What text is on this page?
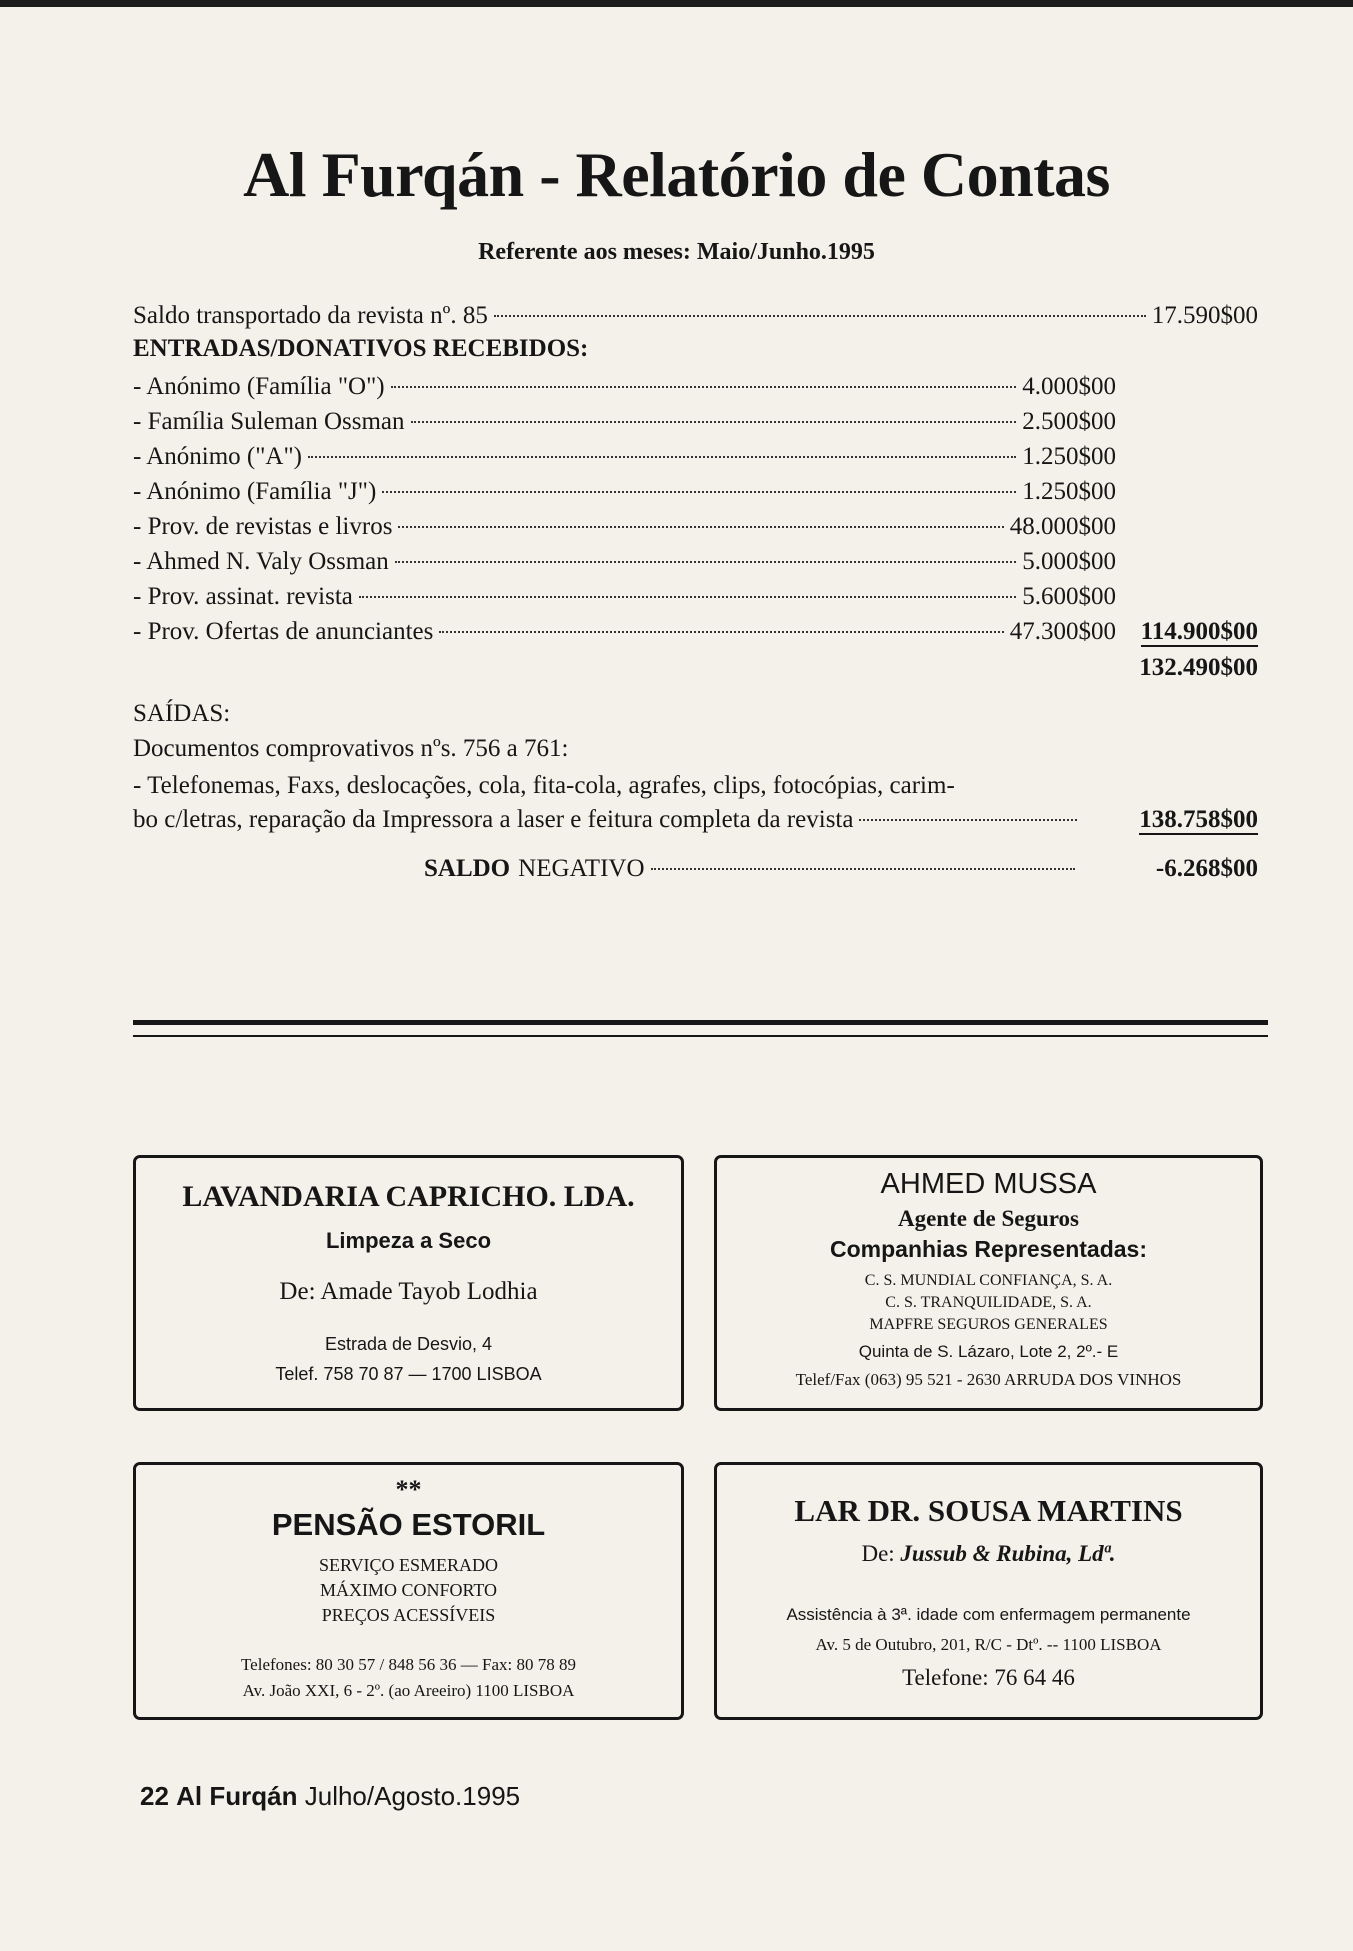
Al Furqán - Relatório de Contas
Referente aos meses: Maio/Junho.1995
Saldo transportado da revista nº. 85	17.590$00
ENTRADAS/DONATIVOS RECEBIDOS:
- Anónimo (Família "O")	4.000$00
- Família Suleman Ossman	2.500$00
- Anónimo ("A")	1.250$00
- Anónimo (Família "J")	1.250$00
- Prov. de revistas e livros	48.000$00
- Ahmed N. Valy Ossman	5.000$00
- Prov. assinat. revista	5.600$00
- Prov. Ofertas de anunciantes	47.300$00 114.900$00
132.490$00
SAÍDAS:
Documentos comprovativos nºs. 756 a 761:
- Telefonemas, Faxs, deslocações, cola, fita-cola, agrafes, clips, fotocópias, carim-
bo c/letras, reparação da Impressora a laser e feitura completa da revista	138.758$00
SALDO NEGATIVO	-6.268$00
LAVANDARIA CAPRICHO. LDA.
Limpeza a Seco
De: Amade Tayob Lodhia
Estrada de Desvio, 4
Telef. 758 70 87 — 1700 LISBOA
AHMED MUSSA
Agente de Seguros
Companhias Representadas:
C. S. MUNDIAL CONFIANÇA, S. A.
C. S. TRANQUILIDADE, S. A.
MAPFRE SEGUROS GENERALES
Quinta de S. Lázaro, Lote 2, 2º.- E
Telef/Fax (063) 95 521 - 2630 ARRUDA DOS VINHOS
**
PENSÃO ESTORIL
SERVIÇO ESMERADO
MÁXIMO CONFORTO
PREÇOS ACESSÍVEIS
Telefones: 80 30 57 / 848 56 36 — Fax: 80 78 89
Av. João XXI, 6 - 2º. (ao Areeiro) 1100 LISBOA
LAR DR. SOUSA MARTINS
De: Jussub & Rubina, Ldª.
Assistência à 3ª. idade com enfermagem permanente
Av. 5 de Outubro, 201, R/C - Dtº. -- 1100 LISBOA
Telefone: 76 64 46
22 Al Furqán Julho/Agosto.1995
